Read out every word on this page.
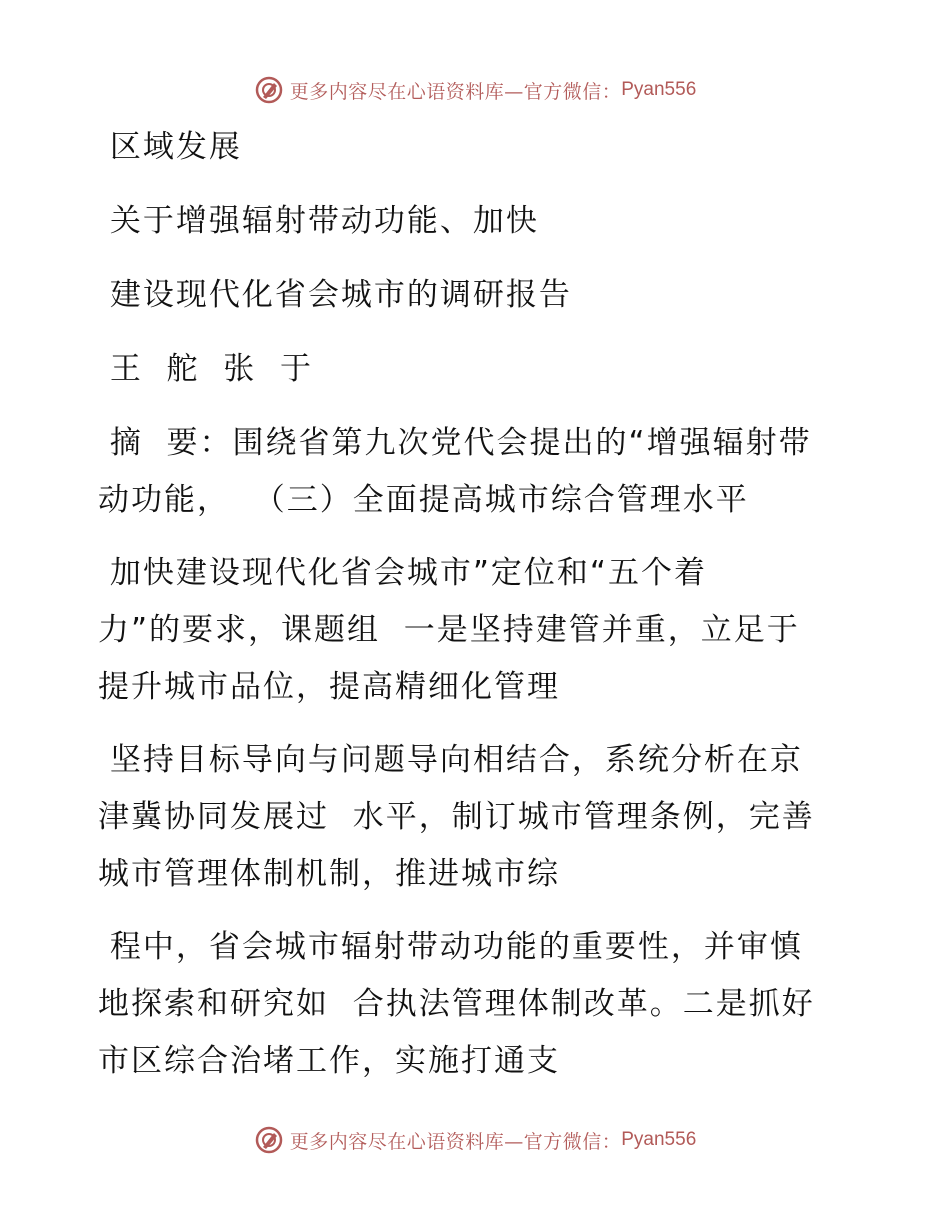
更多内容尽在心语资料库—官方微信： Pyan556
区域发展
关于增强辐射带动功能、加快
建设现代化省会城市的调研报告
王  舵  张  于
摘  要：围绕省第九次党代会提出的“增强辐射带
动功能，  （三）全面提高城市综合管理水平
加快建设现代化省会城市”定位和“五个着
力”的要求，课题组  一是坚持建管并重，立足于
提升城市品位，提高精细化管理
坚持目标导向与问题导向相结合，系统分析在京
津冀协同发展过  水平，制订城市管理条例，完善
城市管理体制机制，推进城市综
程中，省会城市辐射带动功能的重要性，并审慎
地探索和研究如  合执法管理体制改革。二是抓好
市区综合治堵工作，实施打通支
更多内容尽在心语资料库—官方微信： Pyan556
